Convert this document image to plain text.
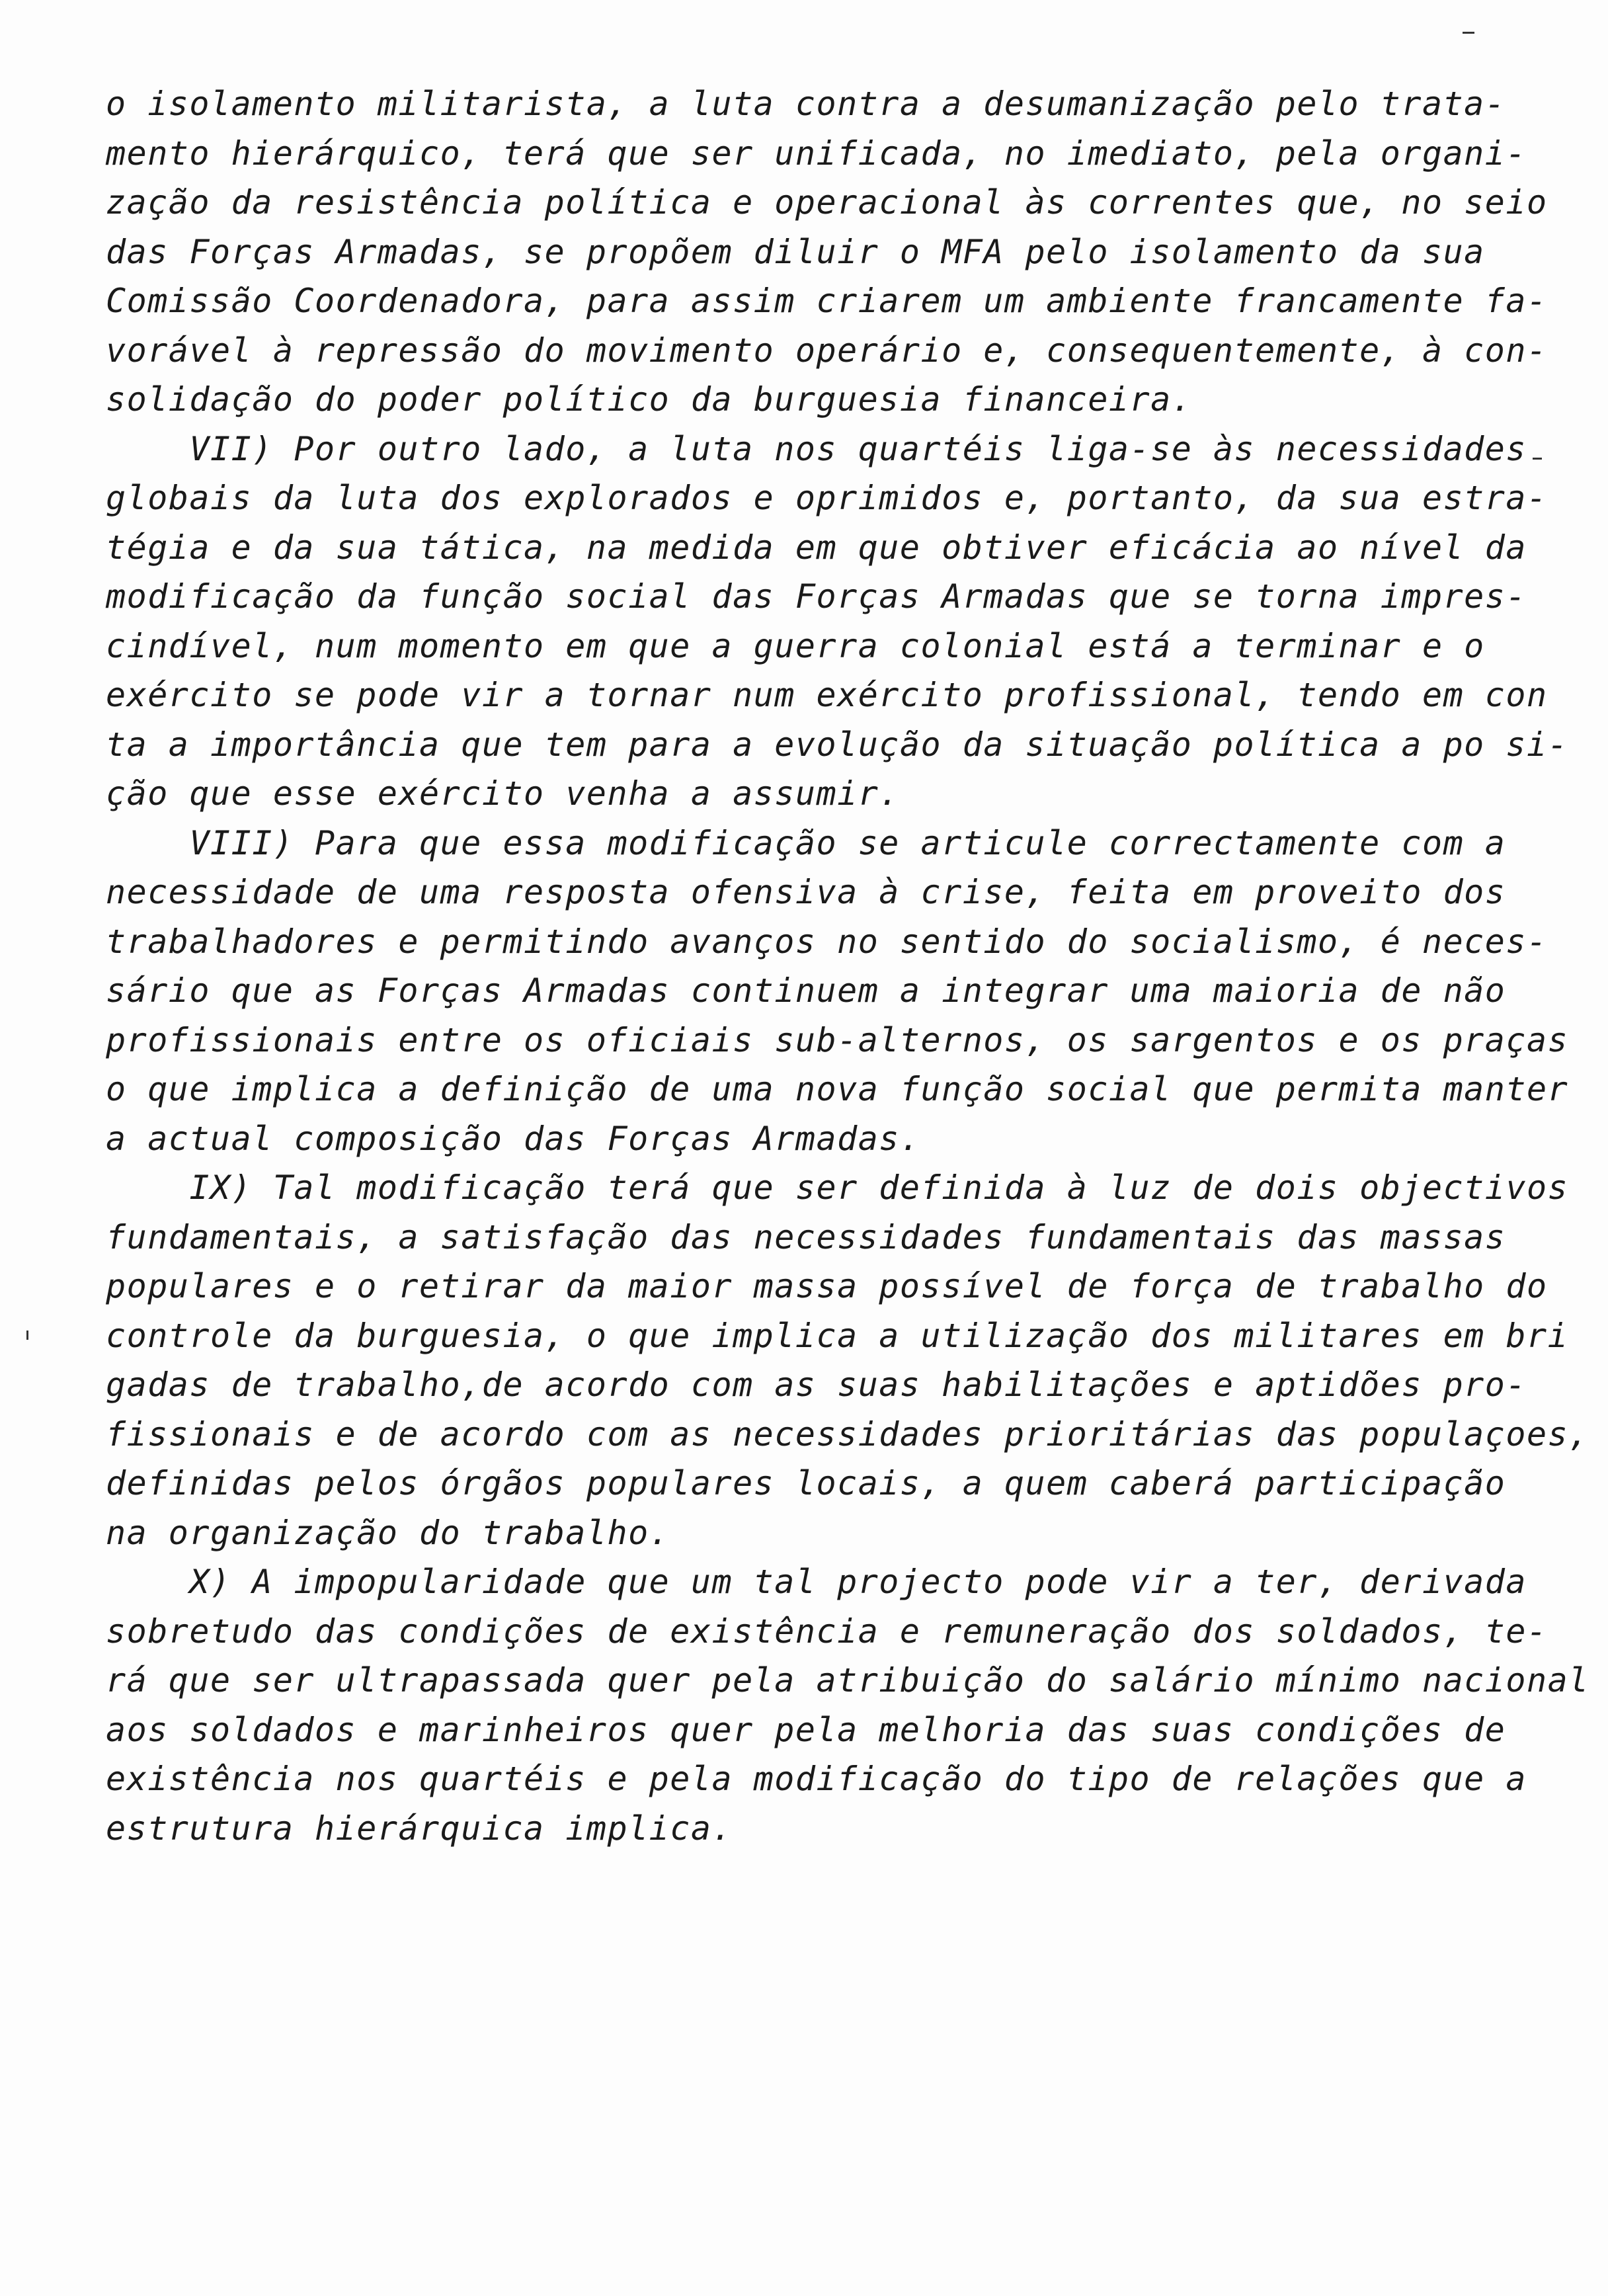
o isolamento militarista, a luta contra a desumanização pelo trata-
mento hierárquico, terá que ser unificada, no imediato, pela organi-
zação da resistência política e operacional às correntes que, no seio
das Forças Armadas, se propõem diluir o MFA pelo isolamento da sua
Comissão Coordenadora, para assim criarem um ambiente francamente fa-
vorável à repressão do movimento operário e, consequentemente, à con-
solidação do poder político da burguesia financeira.
VII) Por outro lado, a luta nos quartéis liga-se às necessidades
globais da luta dos explorados e oprimidos e, portanto, da sua estra-
tégia e da sua tática, na medida em que obtiver eficácia ao nível da
modificação da função social das Forças Armadas que se torna impres-
cindível, num momento em que a guerra colonial está a terminar e o
exército se pode vir a tornar num exército profissional, tendo em con
ta a importância que tem para a evolução da situação política a po si-
ção que esse exército venha a assumir.
VIII) Para que essa modificação se articule correctamente com a
necessidade de uma resposta ofensiva à crise, feita em proveito dos
trabalhadores e permitindo avanços no sentido do socialismo, é neces-
sário que as Forças Armadas continuem a integrar uma maioria de não
profissionais entre os oficiais sub-alternos, os sargentos e os praças
o que implica a definição de uma nova função social que permita manter
a actual composição das Forças Armadas.
IX) Tal modificação terá que ser definida à luz de dois objectivos
fundamentais, a satisfação das necessidades fundamentais das massas
populares e o retirar da maior massa possível de força de trabalho do
controle da burguesia, o que implica a utilização dos militares em bri
gadas de trabalho,de acordo com as suas habilitações e aptidões pro-
fissionais e de acordo com as necessidades prioritárias das populaçoes,
definidas pelos órgãos populares locais, a quem caberá participação
na organização do trabalho.
X) A impopularidade que um tal projecto pode vir a ter, derivada
sobretudo das condições de existência e remuneração dos soldados, te-
rá que ser ultrapassada quer pela atribuição do salário mínimo nacional
aos soldados e marinheiros quer pela melhoria das suas condições de
existência nos quartéis e pela modificação do tipo de relações que a
estrutura hierárquica implica.
